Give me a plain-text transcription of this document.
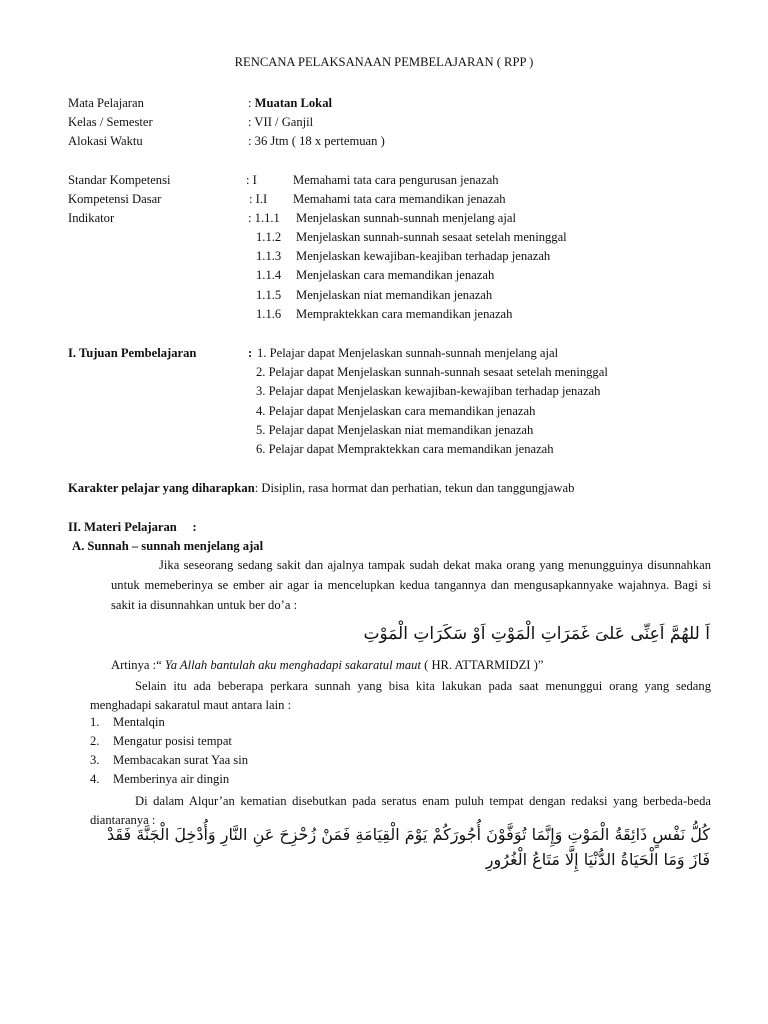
RENCANA PELAKSANAAN PEMBELAJARAN ( RPP )
Mata Pelajaran	: Muatan Lokal
Kelas / Semester	: VII / Ganjil
Alokasi Waktu	: 36 Jtm ( 18 x pertemuan )
Standar Kompetensi	: I	Memahami tata cara pengurusan jenazah
Kompetensi Dasar	: I.I Memahami tata cara memandikan jenazah
Indikator	: 1.1.1 Menjelaskan sunnah-sunnah menjelang ajal
1.1.2 Menjelaskan sunnah-sunnah sesaat setelah meninggal
1.1.3 Menjelaskan kewajiban-keajiban terhadap jenazah
1.1.4 Menjelaskan cara memandikan jenazah
1.1.5 Menjelaskan niat memandikan jenazah
1.1.6 Mempraktekkan cara memandikan jenazah
I. Tujuan Pembelajaran	: 1. Pelajar dapat Menjelaskan sunnah-sunnah menjelang ajal
2. Pelajar dapat Menjelaskan sunnah-sunnah sesaat setelah meninggal
3. Pelajar dapat Menjelaskan kewajiban-kewajiban terhadap jenazah
4. Pelajar dapat Menjelaskan cara memandikan jenazah
5. Pelajar dapat Menjelaskan niat memandikan jenazah
6. Pelajar dapat Mempraktekkan cara memandikan jenazah
Karakter pelajar yang diharapkan: Disiplin, rasa hormat dan perhatian, tekun dan tanggungjawab
II. Materi Pelajaran     :
A. Sunnah – sunnah menjelang ajal
Jika seseorang sedang sakit dan ajalnya tampak sudah dekat maka orang yang menungguinya disunnahkan untuk memeberinya se ember air agar ia mencelupkan kedua tangannya dan mengusapkannyake wajahnya. Bagi si sakit ia disunnahkan untuk ber do’a :
اَ للهُمَّ اَعِنِّى عَلىَ غَمَرَاتِ الْمَوْتِ اَوْ سَكَرَاتِ الْمَوْتِ
Artinya :“ Ya Allah bantulah aku menghadapi sakaratul maut ( HR. ATTARMIDZI )”
Selain itu ada beberapa perkara sunnah yang bisa kita lakukan pada saat menunggui orang yang sedang menghadapi sakaratul maut antara lain :
1. Mentalqin
2. Mengatur posisi tempat
3. Membacakan surat Yaa sin
4. Memberinya air dingin
Di dalam Alqur’an kematian disebutkan pada seratus enam puluh tempat dengan redaksi yang berbeda-beda diantaranya :
كُلُّ نَفْسٍ ذَائِقَةُ الْمَوْتِ وَإِنَّمَا تُوَفَّوْنَ أُجُورَكُمْ يَوْمَ الْقِيَامَةِ فَمَنْ زُحْزِحَ عَنِ النَّارِ وَأُدْخِلَ الْجَنَّةَ فَقَدْ
فَازَ وَمَا الْحَيَاةُ الدُّنْيَا إِلَّا مَتَاعُ الْغُرُورِ
